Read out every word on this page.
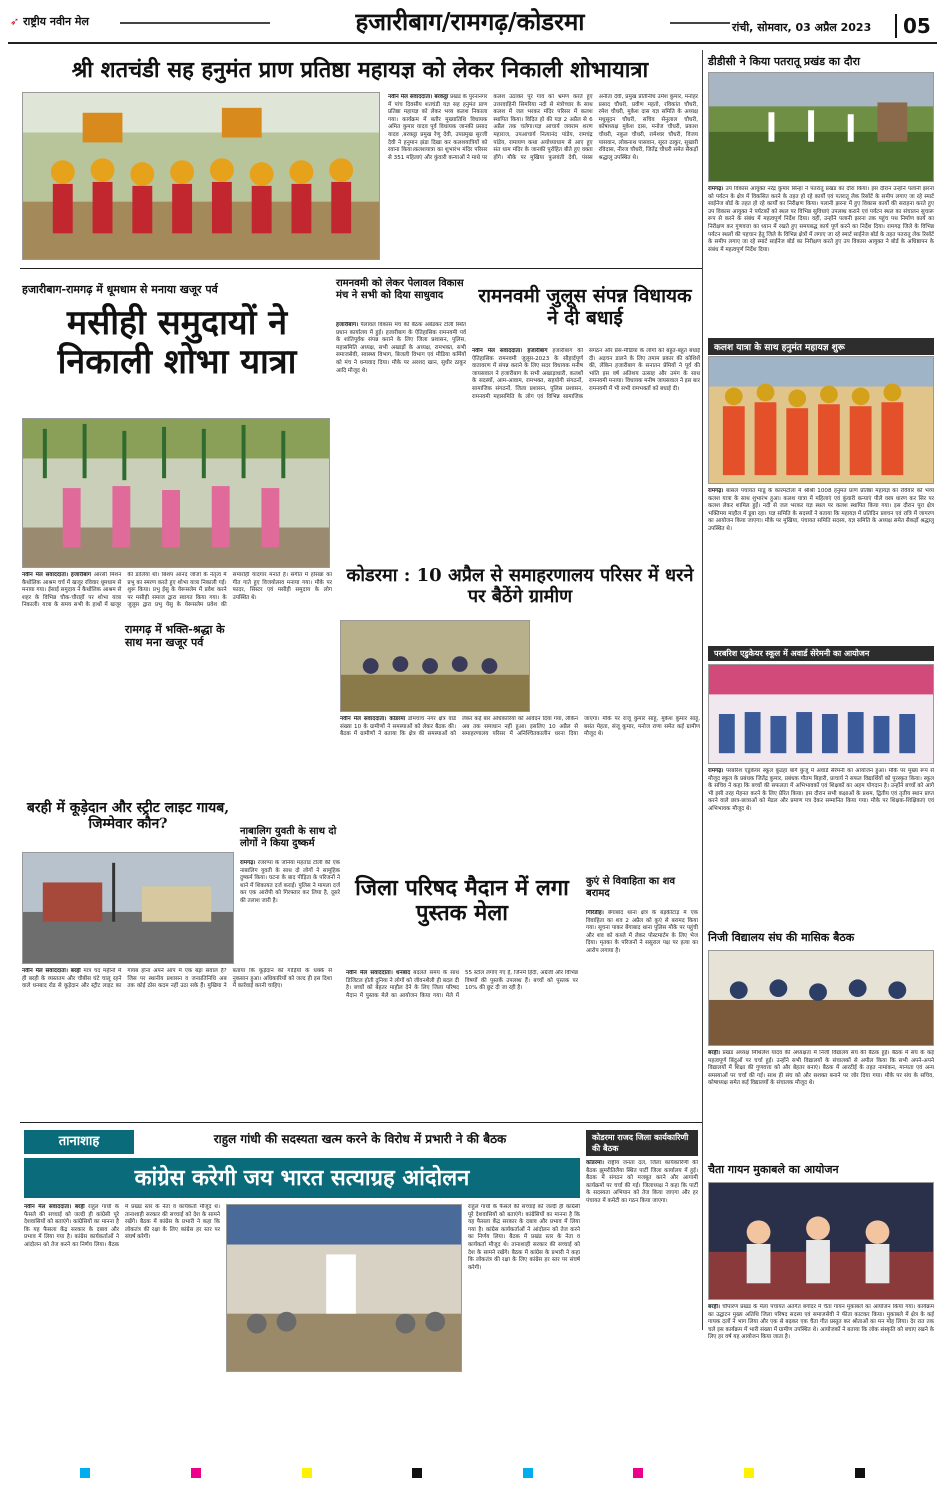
➶ राष्ट्रीय नवीन मेल	हजारीबाग/रामगढ़/कोडरमा	रांची, सोमवार, 03 अप्रैल 2023	05
श्री शतचंडी सह हनुमंत प्राण प्रतिष्ठा महायज्ञ को लेकर निकाली शोभायात्रा
नवीन मेल संवाददाता। बरकट्ठा प्रखंड के पुरनानगर में पांच दिवसीय शतचंडी यज्ञ सह हनुमंत प्राण प्रतिष्ठा महायज्ञ को लेकर भव्य कलश निकाला गया। कार्यक्रम में बतौर मुख्यातिथि विधायक अमित कुमार यादव पूर्व विधायक जानकी प्रसाद यादव ,बरकट्ठा प्रमुख रेणु देवी, उपप्रमुख सुरजी देवी ने हनुमान झंडा दिखा कर कलशयात्रियों को रवाना किया।कलशयात्रा का शुभारंभ मंदिर परिसर से 351 महिलाएं और कुंवारी कन्याओं ने माथे पर कलश उठाकर पूरे गांव को भ्रमण करते हुए उत्तरवाहिनी सिमरिया नदी से मंत्रोच्चार के साथ कलश में जल भरकर मंदिर परिसर में कलश स्थापित किया। विदित हो की यज्ञ 2 अप्रैल से 6 अप्रैल तक चलेगा।यज्ञ आचार्य जयराम शरण महाराज, उपआचार्य नित्यानंद पांडेय, रामचंद्र पांडेय, रामायण कथा अयोध्याधाम से आए हुए संत धाम मंदिर के जानकी पुरोहित बीते हुए वक्ता होंगे। मौके पर मुखिया फुलवंती देवी, पंसस अनीता देवी, प्रमुख प्रतिनिधि उमेश कुमार, मनोहर प्रसाद चौधरी, प्रवीण महतो, रविकांत चौधरी, रमेश चौधरी, मुकेश दास यज्ञ समिति के अध्यक्ष मधुसूदन चौधरी, सचिव सेनुलाल चौधरी, कोषाध्यक्ष मुकेश दास, मनोज चौधरी, प्रकाश चौधरी, नकुल चौधरी, रामेश्वर चौधरी, विजय पासवान, लोकनाथ पासवान, सूरत ठाकुर, सुखारी रविदास, नीरज चौधरी, जितेंद्र चौधरी समेत सैकड़ों श्रद्धालु उपस्थित थे।
डीडीसी ने किया पतरातू प्रखंड का दौरा
रामगढ़। उप विकास आयुक्त नरेंद्र कुमार सिन्हा ने पतरातू प्रखंड का दौरा किया। इस दौरान उन्होंने पलानी झरना को पर्यटन के क्षेत्र में विकसित करने के तहत हो रहे कार्यों एवं पतरातू लेक रिसॉर्ट के समीप लगाए जा रहे स्मार्ट साईनेज बोर्ड के तहत हो रहे कार्यों का निरीक्षण किया। पलानी झरना में हुए विकास कार्यों की सराहना करते हुए उप विकास आयुक्त ने पर्यटकों को स्थल पर विभिन्न सुविधाएं उपलब्ध कराने एवं पर्यटन स्थल का संचालन सुचारू रूप से करने के संबंध में महत्वपूर्ण निर्देश दिया। वहीं, उन्होंने पलानी झरना तक पहुंच पथ निर्माण कार्य का निरीक्षण कर गुणवत्ता का ध्यान में रखते हुए समयबद्ध कार्य पूर्ण करने का निर्देश दिया। रामगढ़ जिले के विभिन्न पर्यटन स्थलों की पहचान हेतु जिले के विभिन्न क्षेत्रों में लगाए जा रहे स्मार्ट साईनेज बोर्ड के तहत पतरातू लेक रिसॉर्ट के समीप लगाए जा रहे स्मार्ट साईनेज बोर्ड का निरीक्षण करते हुए उप विकास आयुक्त ने बोर्ड के अधिष्ठापन के संबंध में महत्वपूर्ण निर्देश दिया।
कलश यात्रा के साथ हनुमंत महायज्ञ शुरू
रामगढ़। बासल पंचायत मांडू के कारमटोला में श्रीश्री 1008 हनुमंत प्राण प्रतिष्ठा महायज्ञ का रविवार को भव्य कलश यात्रा के साथ शुभारंभ हुआ। कलश यात्रा में महिलाएं एवं कुंवारी कन्याएं पीले वस्त्र धारण कर सिर पर कलश लेकर शामिल हुईं। नदी से जल भरकर यज्ञ स्थल पर कलश स्थापित किया गया। इस दौरान पूरा क्षेत्र भक्तिमय माहौल में डूबा रहा। यज्ञ समिति के सदस्यों ने बताया कि महायज्ञ में प्रतिदिन प्रवचन एवं रात्रि में जागरण का आयोजन किया जाएगा। मौके पर मुखिया, पंचायत समिति सदस्य, यज्ञ समिति के अध्यक्ष समेत सैकड़ों श्रद्धालु उपस्थित थे।
परबरिश एडुकेयर स्कूल में अवार्ड सेरेमनी का आयोजन
रामगढ़। परबरिश एडुकेयर स्कूल कुंडहा बागे कुजू में अवार्ड सेरेमनी का आयोजन हुआ। मौके पर मुख्य रूप से मौजूद स्कूल के प्रबंधक जितेंद्र कुमार, प्रबंधक गौतम बिहारी, प्राचार्य ने सफल विद्यार्थियों को पुरस्कृत किया। स्कूल के सचिव ने कहा कि बच्चों की सफलता में अभिभावकों एवं शिक्षकों का अहम योगदान है। उन्होंने बच्चों को आगे भी इसी तरह मेहनत करने के लिए प्रेरित किया। इस दौरान सभी कक्षाओं के प्रथम, द्वितीय एवं तृतीय स्थान प्राप्त करने वाले छात्र-छात्राओं को मेडल और प्रमाण पत्र देकर सम्मानित किया गया। मौके पर शिक्षक-शिक्षिकाएं एवं अभिभावक मौजूद थे।
निजी विद्यालय संघ की मासिक बैठक
बरही। प्रखंड अध्यक्ष मिथिलेश यादव की अध्यक्षता में निजी विद्यालय संघ की बैठक हुई। बैठक में संघ के कई महत्वपूर्ण बिंदुओं पर चर्चा हुई। उन्होंने सभी विद्यालयों के संचालकों से अपील किया कि सभी अपने-अपने विद्यालयों में शिक्षा की गुणवत्ता को और बेहतर बनाएं। बैठक में आरटीई के तहत नामांकन, मान्यता एवं अन्य समस्याओं पर चर्चा की गई। साथ ही संघ को और सशक्त बनाने पर जोर दिया गया। मौके पर संघ के सचिव, कोषाध्यक्ष समेत कई विद्यालयों के संचालक मौजूद थे।
चैता गायन मुकाबले का आयोजन
बरही। चौपारण प्रखंड के मेला पंचायत अंतर्गत बगोदर में चैता गायन मुकाबले का आयोजन किया गया। कार्यक्रम का उद्घाटन मुख्य अतिथि जिला परिषद सदस्य एवं समाजसेवी ने फीता काटकर किया। मुकाबले में क्षेत्र के कई गायक दलों ने भाग लिया और एक से बढ़कर एक चैता गीत प्रस्तुत कर श्रोताओं का मन मोह लिया। देर रात तक चले इस कार्यक्रम में भारी संख्या में ग्रामीण उपस्थित थे। आयोजकों ने बताया कि लोक संस्कृति को बचाए रखने के लिए हर वर्ष यह आयोजन किया जाता है।
हजारीबाग-रामगढ़ में धूमधाम से मनाया खजूर पर्व
मसीही समुदायों ने निकाली शोभा यात्रा
नवीन मेल संवाददाता। हजारीबाग आरसी मिशन कैथोलिक आश्रम चर्च में खजूर रविवार धूमधाम से मनाया गया। ईसाई समुदाय ने कैथोलिक आश्रम से शहर के विभिन्न चौक-चौराहों पर शोभा यात्रा निकाली। यात्रा के समय सभी के हाथों में खजूर की डालियां थीं। बिशप आनंद जोजो के नेतृत्व में प्रभु का स्मरण करते हुए शोभा यात्रा निकाली गई। शुरू किया। प्रभु ईसु के येरूसलेम में प्रवेश करने पर मसीही समाज द्वारा स्वागत किया गया। के जुलूस द्वारा प्रभु येसु के येरूसलेम प्रवेश की समारोही यादगार मनाते हैं। संगीत में होसन्ना का गीत गाते हुए विजयोत्सव मनाया गया। मौके पर फादर, सिस्टर एवं मसीही समुदाय के लोग उपस्थित थे।
रामगढ़ में भक्ति-श्रद्धा के साथ मना खजूर पर्व
रामनवमी को लेकर पेलावल विकास मंच ने सभी को दिया साधुवाद
हजारीबाग। पेलावल विकास मंच की बैठक अंबेडकर टोली स्थित प्रधान कार्यालय में हुई। हजारीबाग के ऐतिहासिक रामनवमी पर्व के शांतिपूर्वक संपन्न कराने के लिए जिला प्रशासन, पुलिस, महासमिति अध्यक्ष, सभी अखाड़ों के अध्यक्ष, रामभक्त, सभी समाजसेवी, स्वास्थ्य विभाग, बिजली विभाग एवं मीडिया कर्मियों को मंच ने धन्यवाद दिया। मौके पर अरशद खान, सुधीर ठाकुर आदि मौजूद थे।
रामनवमी जुलूस संपन्न विधायक ने दी बधाई
नवीन मेल संवाददाता। हजारीबाग हजारीबाग की ऐतिहासिक रामनवमी जुलूस-2023 के सौहार्दपूर्ण वातावरण में संपन्न कराने के लिए सदर विधायक मनीष जायसवाल ने हजारीबाग के सभी अखाड़ाधारी, कलशों के सदस्यों, आम-आवाम, रामभक्त, सहयोगी संगठनों, सामाजिक संगठनों, जिला प्रशासन, पुलिस प्रशासन, रामनवमी महासमिति के लोग एवं विभिन्न सामाजिक संगठन और प्रेस-मीडिया के लोगों को बहुत-बहुत बधाई दी। अड़चन डालने के लिए तमाम प्रकार की कोशिशें की, लेकिन हजारीबाग के सनातन प्रेमियों ने पूर्व की भांति इस वर्ष अतिशय उत्साह और उमंग के साथ रामनवमी मनाया। विधायक मनीष जायसवाल ने इस बार रामनवमी में भी सभी रामभक्तों को बधाई दी।
कोडरमा : 10 अप्रैल से समाहरणालय परिसर में धरने पर बैठेंगे ग्रामीण
नवीन मेल संवाददाता। कोडरमा डोमचांच नगर क्षेत्र वार्ड संख्या 10 के ग्रामीणों ने समस्याओं को लेकर बैठक की। बैठक में ग्रामीणों ने बताया कि क्षेत्र की समस्याओं को लेकर कई बार अधिकारियों को आवेदन दिया गया, लेकिन अब तक समाधान नहीं हुआ। इसलिए 10 अप्रैल से समाहरणालय परिसर में अनिश्चितकालीन धरना दिया जाएगा। मौके पर राजू कुमार साहू, मुकेश कुमार साहू, बसंत मेहता, संजू कुमार, मनोज राणा समेत कई ग्रामीण मौजूद थे।
बरही में कूड़ेदान और स्ट्रीट लाइट गायब, जिम्मेवार कौन?
नवीन मेल संवाददाता। बरही मात्र चंद महीनों में ही बरही के व्यस्ततम और चौबीस घंटे चालू रहने वाले धनबाद रोड से कूड़ेदान और स्ट्रीट लाइट का गायब होना अपने आप में एक बड़ा सवाल है? जिस पर स्थानीय प्रशासन व जनप्रतिनिधि अब तक कोई ठोस कदम नहीं उठा सके हैं। मुखिया ने बताया कि कूड़ेदान को गाड़ियों के धक्के से नुकसान हुआ। अधिकारियों को जल्द ही इस दिशा में कार्रवाई करनी चाहिए।
नाबालिग युवती के साथ दो लोगों ने किया दुष्कर्म
रामगढ़। रजरप्पा के जनिया महतांड टोली की एक नाबालिग युवती के साथ दो लोगों ने सामूहिक दुष्कर्म किया। घटना के बाद पीड़िता के परिजनों ने थाने में शिकायत दर्ज कराई। पुलिस ने मामला दर्ज कर एक आरोपी को गिरफ्तार कर लिया है, दूसरे की तलाश जारी है।	जिला परिषद मैदान में लगा पुस्तक मेला
नवीन मेल संवाददाता। धनबाद बदलते समय के साथ डिजिटल होती दुनिया ने लोगों को जीवनशैली ही बदल दी है। बच्चों को बेहतर माहौल देने के लिए जिला परिषद मैदान में पुस्तक मेले का आयोजन किया गया। मेले में 55 स्टॉल लगाए गए हैं, जिनमें हिंदी, अंग्रेजी और विभिन्न विषयों की पुस्तकें उपलब्ध हैं। बच्चों को पुस्तक पर 10% की छूट दी जा रही है।
कुएं से विवाहिता का शव बरामद
गिरिडीह। बेंगाबाद थाना क्षेत्र के बड़कीटांड़ में एक विवाहिता का शव 2 अप्रैल को कुएं से बरामद किया गया। सूचना पाकर बेंगाबाद थाना पुलिस मौके पर पहुंची और शव को कब्जे में लेकर पोस्टमार्टम के लिए भेज दिया। मृतका के परिजनों ने ससुराल पक्ष पर हत्या का आरोप लगाया है।
तानाशाह	राहुल गांधी की सदस्यता खत्म करने के विरोध में प्रभारी ने की बैठक
कांग्रेस करेगी जय भारत सत्याग्रह आंदोलन
नवीन मेल संवाददाता। बरही राहुल गांधी के फैसले की सच्चाई को जल्दी ही कांग्रेसी पूरे देशवासियों को बताएंगे। कांग्रेसियों का मानना है कि यह फैसला केंद्र सरकार के दबाव और प्रभाव में लिया गया है। कांग्रेस कार्यकर्ताओं ने आंदोलन को तेज करने का निर्णय लिया। बैठक में प्रखंड स्तर के नेता व कार्यकर्ता मौजूद थे। तानाशाही सरकार की सच्चाई को देश के सामने रखेंगे। बैठक में कांग्रेस के प्रभारी ने कहा कि लोकतंत्र की रक्षा के लिए कांग्रेस हर स्तर पर संघर्ष करेगी।
राहुल गांधी के फैसले की सच्चाई को जल्दी ही कांग्रेसी पूरे देशवासियों को बताएंगे। कांग्रेसियों का मानना है कि यह फैसला केंद्र सरकार के दबाव और प्रभाव में लिया गया है। कांग्रेस कार्यकर्ताओं ने आंदोलन को तेज करने का निर्णय लिया। बैठक में प्रखंड स्तर के नेता व कार्यकर्ता मौजूद थे। तानाशाही सरकार की सच्चाई को देश के सामने रखेंगे। बैठक में कांग्रेस के प्रभारी ने कहा कि लोकतंत्र की रक्षा के लिए कांग्रेस हर स्तर पर संघर्ष करेगी।
कोडरमा राजद जिला कार्यकारिणी की बैठक
कोडरमा। राष्ट्रीय जनता दल, जिला कार्यकारिणी की बैठक झुमरीतिलैया स्थित पार्टी जिला कार्यालय में हुई। बैठक में संगठन को मजबूत करने और आगामी कार्यक्रमों पर चर्चा की गई। जिलाध्यक्ष ने कहा कि पार्टी के सदस्यता अभियान को तेज किया जाएगा और हर पंचायत में कमेटी का गठन किया जाएगा।
